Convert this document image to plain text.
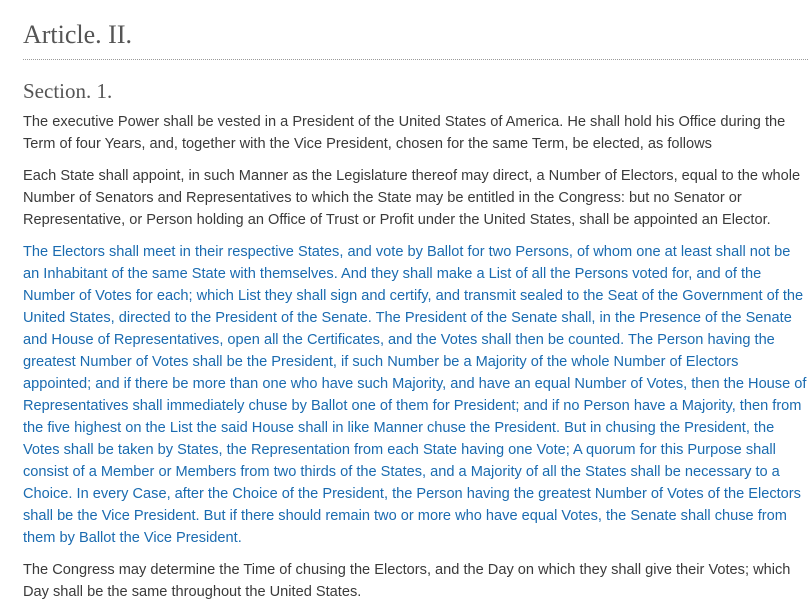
Article. II.
Section. 1.

The executive Power shall be vested in a President of the United States of America. He shall hold his Office during the Term of four Years, and, together with the Vice President, chosen for the same Term, be elected, as follows

Each State shall appoint, in such Manner as the Legislature thereof may direct, a Number of Electors, equal to the whole Number of Senators and Representatives to which the State may be entitled in the Congress: but no Senator or Representative, or Person holding an Office of Trust or Profit under the United States, shall be appointed an Elector.

The Electors shall meet in their respective States, and vote by Ballot for two Persons, of whom one at least shall not be an Inhabitant of the same State with themselves. And they shall make a List of all the Persons voted for, and of the Number of Votes for each; which List they shall sign and certify, and transmit sealed to the Seat of the Government of the United States, directed to the President of the Senate. The President of the Senate shall, in the Presence of the Senate and House of Representatives, open all the Certificates, and the Votes shall then be counted. The Person having the greatest Number of Votes shall be the President, if such Number be a Majority of the whole Number of Electors appointed; and if there be more than one who have such Majority, and have an equal Number of Votes, then the House of Representatives shall immediately chuse by Ballot one of them for President; and if no Person have a Majority, then from the five highest on the List the said House shall in like Manner chuse the President. But in chusing the President, the Votes shall be taken by States, the Representation from each State having one Vote; A quorum for this Purpose shall consist of a Member or Members from two thirds of the States, and a Majority of all the States shall be necessary to a Choice. In every Case, after the Choice of the President, the Person having the greatest Number of Votes of the Electors shall be the Vice President. But if there should remain two or more who have equal Votes, the Senate shall chuse from them by Ballot the Vice President.

The Congress may determine the Time of chusing the Electors, and the Day on which they shall give their Votes; which Day shall be the same throughout the United States.
